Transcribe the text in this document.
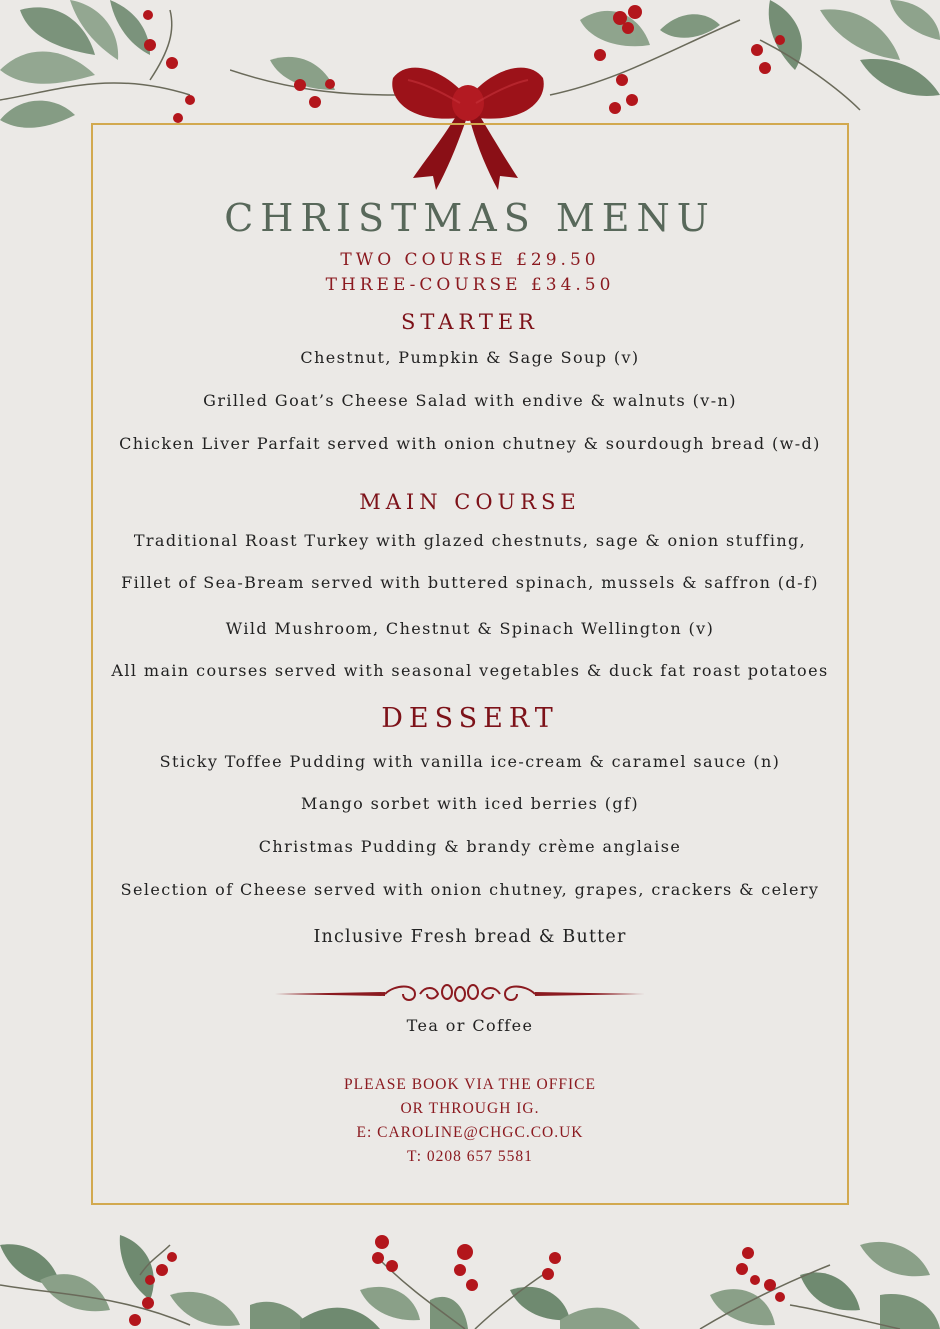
CHRISTMAS MENU

TWO COURSE £29.50

THREE-COURSE £34.50

STARTER

Chestnut, Pumpkin & Sage Soup (v)

Grilled Goat’s Cheese Salad with endive & walnuts (v-n)

Chicken Liver Parfait served with onion chutney & sourdough bread (w-d)

MAIN COURSE

Traditional Roast Turkey with glazed chestnuts, sage & onion stuffing,

Fillet of Sea-Bream served with buttered spinach, mussels & saffron (d-f)

Wild Mushroom, Chestnut & Spinach Wellington (v)

All main courses served with seasonal vegetables & duck fat roast potatoes

DESSERT

Sticky Toffee Pudding with vanilla ice-cream & caramel sauce (n)

Mango sorbet with iced berries (gf)

Christmas Pudding & brandy crème anglaise

Selection of Cheese served with onion chutney, grapes, crackers & celery

Inclusive Fresh bread & Butter

Tea or Coffee

PLEASE BOOK VIA THE OFFICE

OR THROUGH IG.

E: CAROLINE@CHGC.CO.UK

T: 0208 657 5581
